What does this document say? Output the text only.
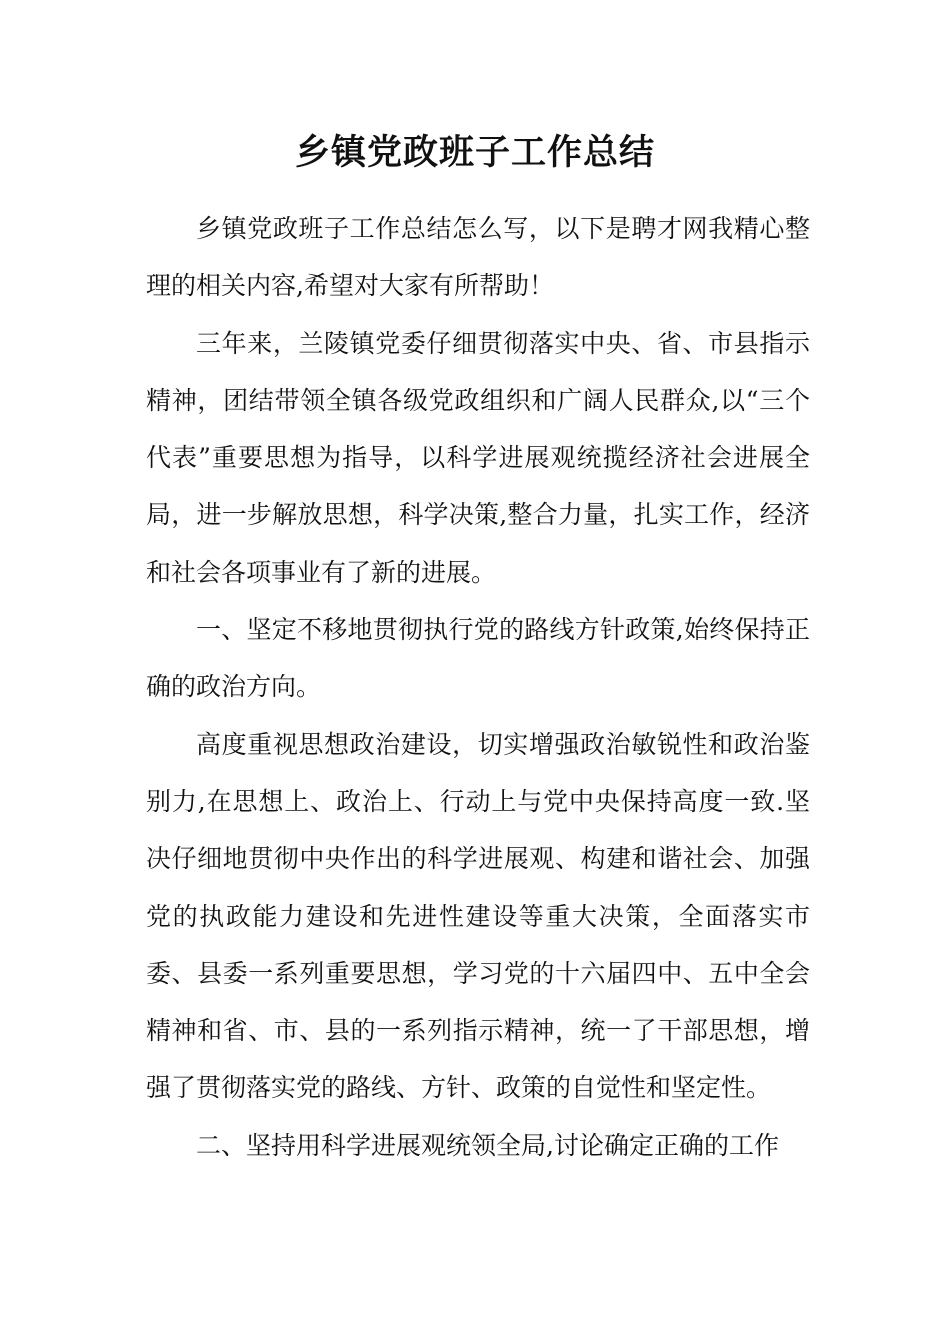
乡镇党政班子工作总结

乡镇党政班子工作总结怎么写，以下是聘才网我精心整理的相关内容,希望对大家有所帮助！

三年来，兰陵镇党委仔细贯彻落实中央、省、市县指示精神，团结带领全镇各级党政组织和广阔人民群众,以“三个代表”重要思想为指导，以科学进展观统揽经济社会进展全局，进一步解放思想，科学决策,整合力量，扎实工作，经济和社会各项事业有了新的进展。

一、坚定不移地贯彻执行党的路线方针政策,始终保持正确的政治方向。

高度重视思想政治建设，切实增强政治敏锐性和政治鉴别力,在思想上、政治上、行动上与党中央保持高度一致.坚决仔细地贯彻中央作出的科学进展观、构建和谐社会、加强党的执政能力建设和先进性建设等重大决策，全面落实市委、县委一系列重要思想，学习党的十六届四中、五中全会精神和省、市、县的一系列指示精神，统一了干部思想，增强了贯彻落实党的路线、方针、政策的自觉性和坚定性。

二、坚持用科学进展观统领全局,讨论确定正确的工作
